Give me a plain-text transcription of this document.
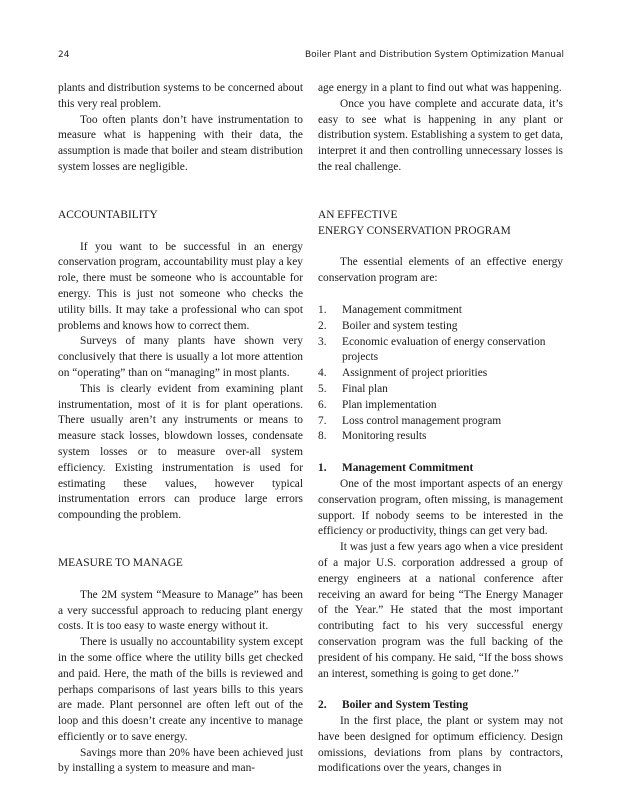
24	Boiler Plant and Distribution System Optimization Manual

plants and distribution systems to be concerned about this very real problem.

Too often plants don’t have instrumentation to measure what is happening with their data, the assumption is made that boiler and steam distribution system losses are negligible.

ACCOUNTABILITY

If you want to be successful in an energy conservation program, accountability must play a key role, there must be someone who is accountable for energy. This is just not someone who checks the utility bills. It may take a professional who can spot problems and knows how to correct them.

Surveys of many plants have shown very conclusively that there is usually a lot more attention on “operating” than on “managing” in most plants.

This is clearly evident from examining plant instrumentation, most of it is for plant operations. There usually aren’t any instruments or means to measure stack losses, blowdown losses, condensate system losses or to measure over-all system efficiency. Existing instrumentation is used for estimating these values, however typical instrumentation errors can produce large errors compounding the problem.

MEASURE TO MANAGE

The 2M system “Measure to Manage” has been a very successful approach to reducing plant energy costs. It is too easy to waste energy without it.

There is usually no accountability system except in the some office where the utility bills get checked and paid. Here, the math of the bills is reviewed and perhaps comparisons of last years bills to this years are made. Plant personnel are often left out of the loop and this doesn’t create any incentive to manage efficiently or to save energy.

Savings more than 20% have been achieved just by installing a system to measure and man-

age energy in a plant to find out what was happening.

Once you have complete and accurate data, it’s easy to see what is happening in any plant or distribution system. Establishing a system to get data, interpret it and then controlling unnecessary losses is the real challenge.

AN EFFECTIVE

ENERGY CONSERVATION PROGRAM

The essential elements of an effective energy conservation program are:

1. Management commitment
2. Boiler and system testing
3. Economic evaluation of energy conservation projects
4. Assignment of project priorities
5. Final plan
6. Plan implementation
7. Loss control management program
8. Monitoring results

1. Management Commitment

One of the most important aspects of an energy conservation program, often missing, is management support. If nobody seems to be interested in the efficiency or productivity, things can get very bad.

It was just a few years ago when a vice president of a major U.S. corporation addressed a group of energy engineers at a national conference after receiving an award for being “The Energy Manager of the Year.” He stated that the most important contributing fact to his very successful energy conservation program was the full backing of the president of his company. He said, “If the boss shows an interest, something is going to get done.”

2. Boiler and System Testing

In the first place, the plant or system may not have been designed for optimum efficiency. Design omissions, deviations from plans by contractors, modifications over the years, changes in
